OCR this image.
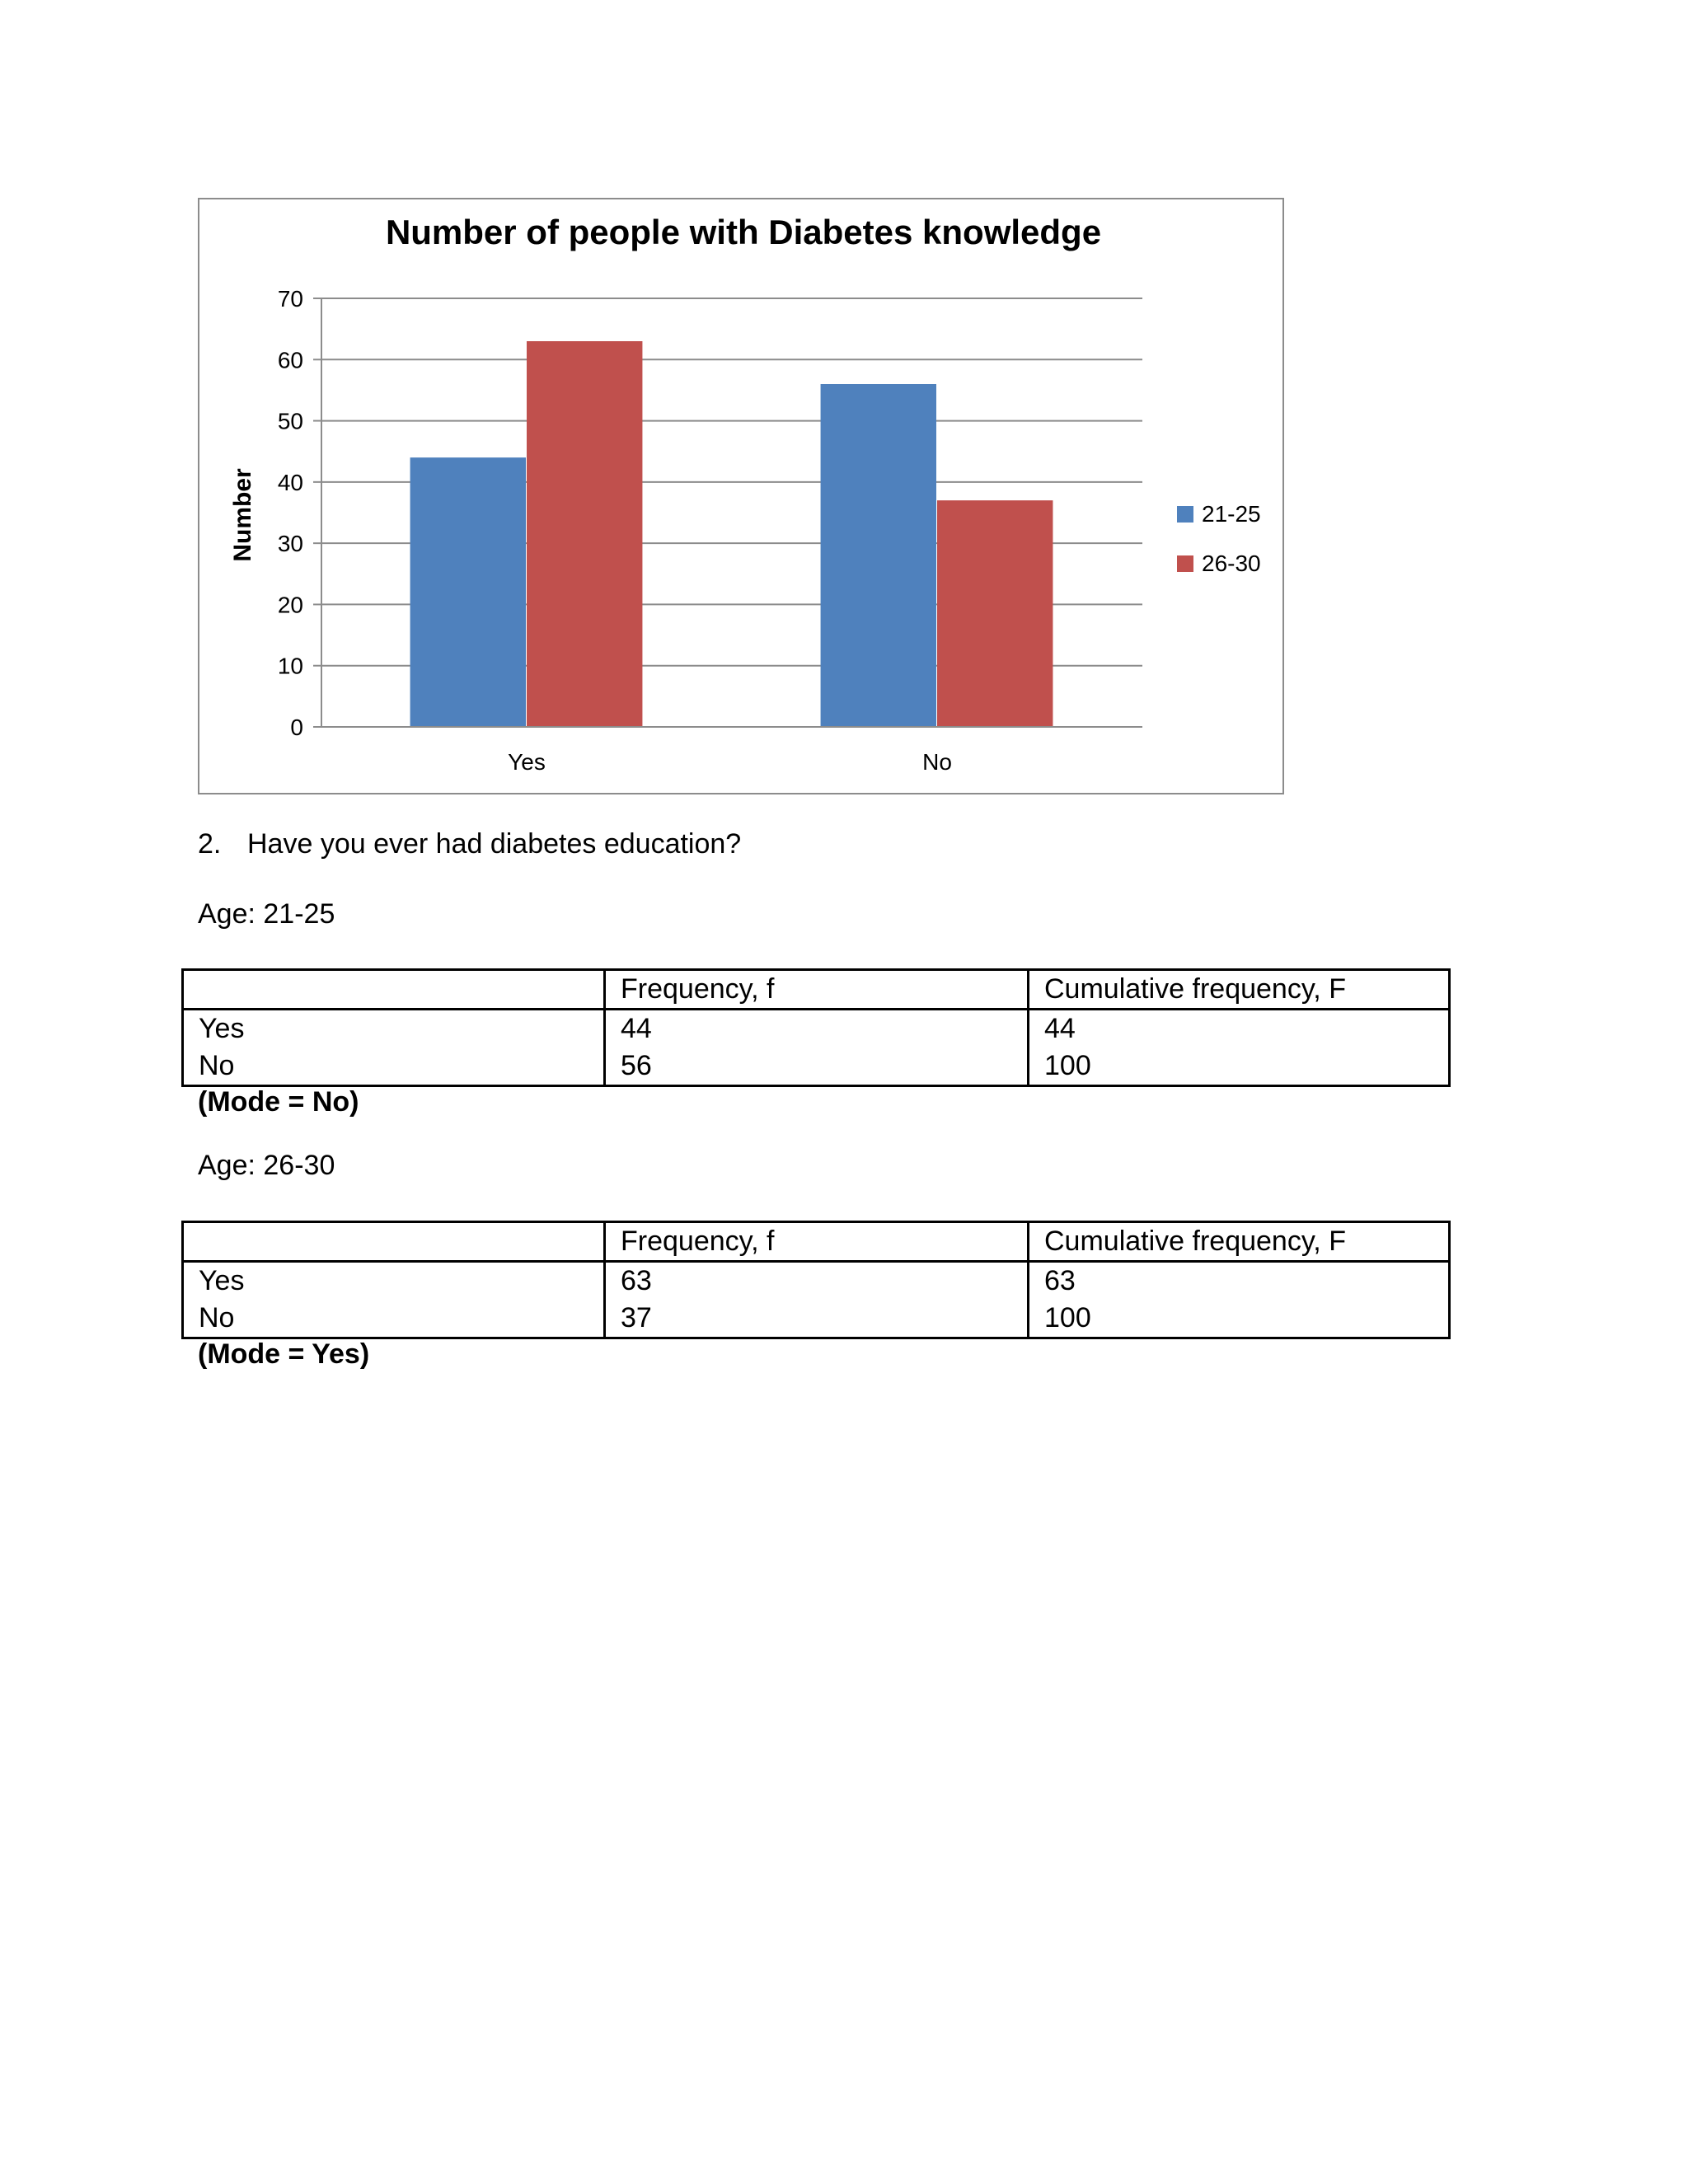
0
10
20
30
40
50
60
70
Yes	No
Number of people with Diabetes knowledge
Number	21-25
26-30
2. Have you ever had diabetes education?
Age: 21-25
	Frequency, f	Cumulative frequency, F
Yes	44	44
No	56	100
(Mode = No)
Age: 26-30
	Frequency, f	Cumulative frequency, F
Yes	63	63
No	37	100
(Mode = Yes)
